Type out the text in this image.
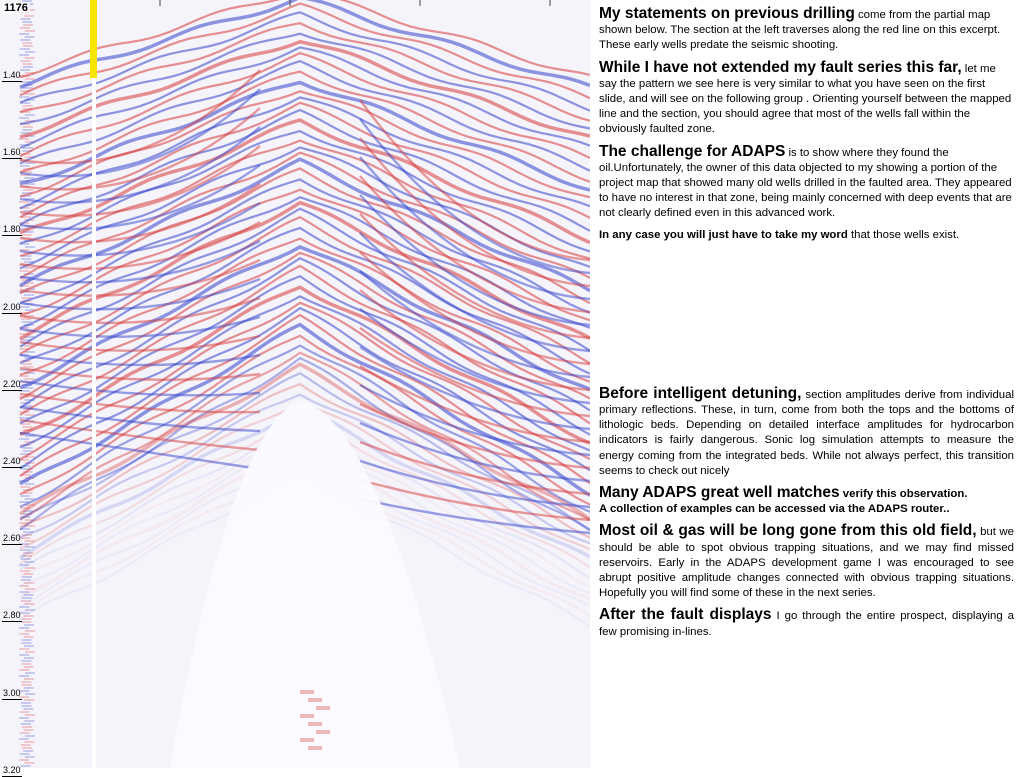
1176
1.40
1.60
1.80
2.00
2.20
2.40
2.60
2.80
3.00
3.20

My statements on previous drilling come from the partial map shown below. The section at the left traverses along the red line on this excerpt. These early wells predate the seismic shooting.

While I have not extended my fault series this far, let me say the pattern we see here is very similar to what you have seen on the first slide, and will see on the following group . Orienting yourself between the mapped line and the section, you should agree that most of the wells fall within the obviously faulted zone.

The challenge for ADAPS is to show where they found the oil.Unfortunately, the owner of this data objected to my showing a portion of the project map that showed many old wells drilled in the faulted area. They appeared to have no interest in that zone, being mainly concerned with deep events that are not clearly defined even in this advanced work.

In any case you will just have to take my word that those wells exist.

Before intelligent detuning, section amplitudes derive from individual primary reflections. These, in turn, come from both the tops and the bottoms of lithologic beds. Depending on detailed interface amplitudes for hydrocarbon indicators is fairly dangerous. Sonic log simulation attempts to measure the energy coming from the integrated beds. While not always perfect, this transition seems to check out nicely

Many ADAPS great well matches verify this observation.
A collection of examples can be accessed via the ADAPS router..

Most oil & gas will be long gone from this old field, but we should be able to spot obvious trapping situations, and we may find missed reservoirs. Early in the ADAPS development game I was encouraged to see abrupt positive amplitude changes connected with obvious trapping situations. Hopefully you will find some of these in the next series.

After the fault displays I go through the entire prospect, displaying a few promising in-lines.
